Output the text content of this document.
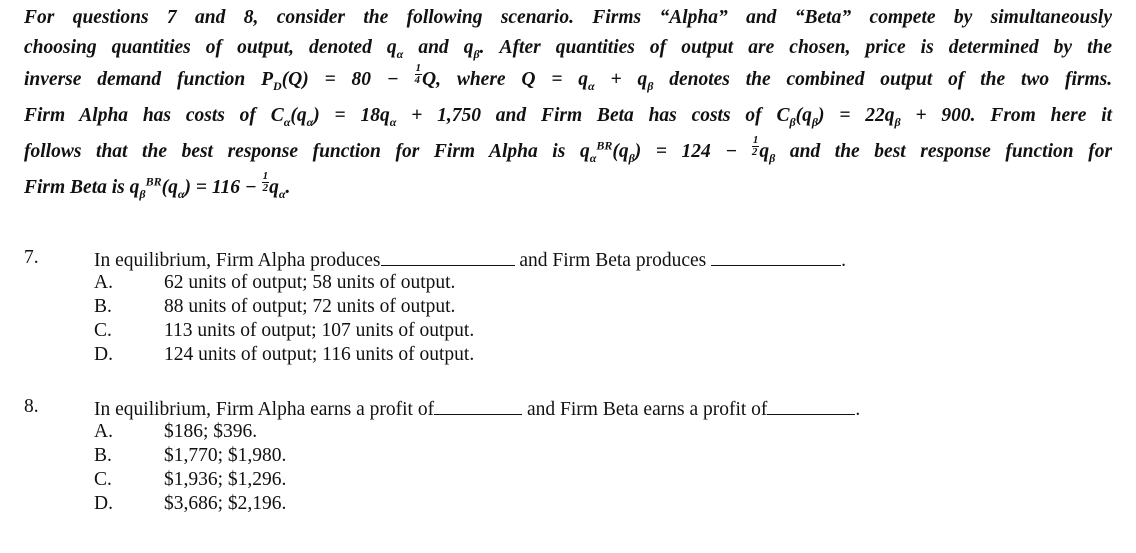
For questions 7 and 8, consider the following scenario. Firms “Alpha” and “Beta” compete by simultaneously
choosing quantities of output, denoted $q_\alpha$ and $q_\beta$. After quantities of output are chosen, price is determined by the
inverse demand function $P_D(Q) = 80 - \frac{1}{4} Q$, where $Q = q_\alpha + q_\beta$ denotes the combined output of the two firms.
Firm Alpha has costs of $C_\alpha(q_\alpha) = 18q_\alpha + 1,750$ and Firm Beta has costs of $C_\beta(q_\beta) = 22q_\beta + 900$. From here it
follows that the best response function for Firm Alpha is $q_\alpha^{BR}(q_\beta) = 124 - \frac{1}{2} q_\beta$ and the best response function for
Firm Beta is $q_\beta^{BR}(q_\alpha) = 116 - \frac{1}{2} q_\alpha$.
7.	In equilibrium, Firm Alpha produces	and Firm Beta produces	.
A.	62 units of output; 58 units of output.
B.	88 units of output; 72 units of output.
C.	113 units of output; 107 units of output.
D.	124 units of output; 116 units of output.
8.	In equilibrium, Firm Alpha earns a profit of	and Firm Beta earns a profit of	.
A.	$186; $396.
B.	$1,770; $1,980.
C.	$1,936; $1,296.
D.	$3,686; $2,196.
